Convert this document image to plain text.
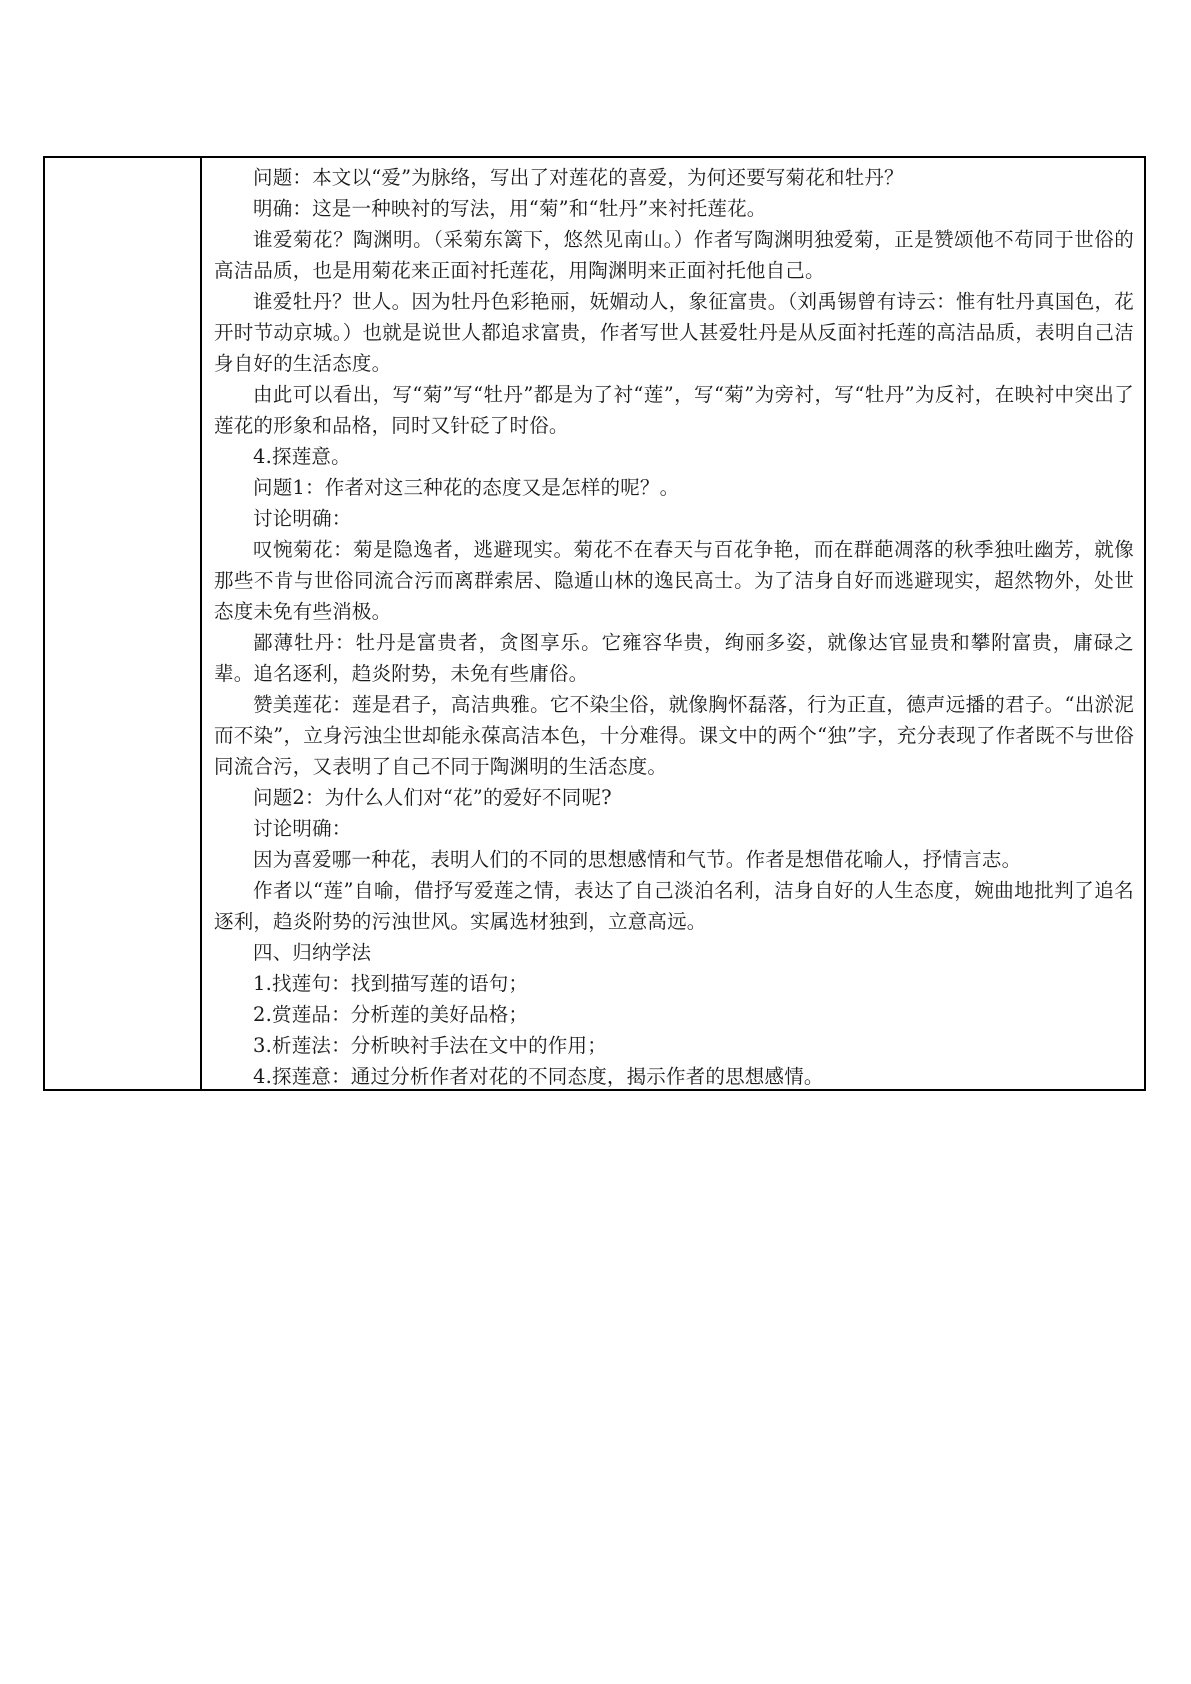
问题：本文以“爱”为脉络，写出了对莲花的喜爱，为何还要写菊花和牡丹？

明确：这是一种映衬的写法，用“菊”和“牡丹”来衬托莲花。

谁爱菊花？陶渊明。（采菊东篱下，悠然见南山。）作者写陶渊明独爱菊，正是赞颂他不苟同于世俗的高洁品质，也是用菊花来正面衬托莲花，用陶渊明来正面衬托他自己。

谁爱牡丹？世人。因为牡丹色彩艳丽，妩媚动人，象征富贵。（刘禹锡曾有诗云：惟有牡丹真国色，花开时节动京城。）也就是说世人都追求富贵，作者写世人甚爱牡丹是从反面衬托莲的高洁品质，表明自己洁身自好的生活态度。

由此可以看出，写“菊”写“牡丹”都是为了衬“莲”，写“菊”为旁衬，写“牡丹”为反衬，在映衬中突出了莲花的形象和品格，同时又针砭了时俗。

4.探莲意。

问题1：作者对这三种花的态度又是怎样的呢？。

讨论明确：

叹惋菊花：菊是隐逸者，逃避现实。菊花不在春天与百花争艳，而在群葩凋落的秋季独吐幽芳，就像那些不肯与世俗同流合污而离群索居、隐遁山林的逸民高士。为了洁身自好而逃避现实，超然物外，处世态度未免有些消极。

鄙薄牡丹：牡丹是富贵者，贪图享乐。它雍容华贵，绚丽多姿，就像达官显贵和攀附富贵，庸碌之辈。追名逐利，趋炎附势，未免有些庸俗。

赞美莲花：莲是君子，高洁典雅。它不染尘俗，就像胸怀磊落，行为正直，德声远播的君子。“出淤泥而不染”，立身污浊尘世却能永葆高洁本色，十分难得。课文中的两个“独”字，充分表现了作者既不与世俗同流合污，又表明了自己不同于陶渊明的生活态度。

问题2：为什么人们对“花”的爱好不同呢?

讨论明确：

因为喜爱哪一种花，表明人们的不同的思想感情和气节。作者是想借花喻人，抒情言志。

作者以“莲”自喻，借抒写爱莲之情，表达了自己淡泊名利，洁身自好的人生态度，婉曲地批判了追名逐利，趋炎附势的污浊世风。实属选材独到，立意高远。

四、归纳学法

1.找莲句：找到描写莲的语句；

2.赏莲品：分析莲的美好品格；

3.析莲法：分析映衬手法在文中的作用；

4.探莲意：通过分析作者对花的不同态度，揭示作者的思想感情。
